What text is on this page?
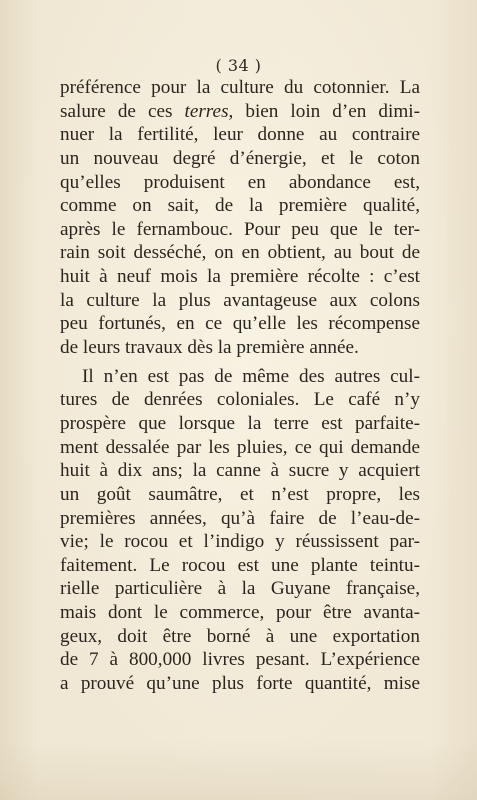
( 34 )
préférence pour la culture du cotonnier. La
salure de ces terres, bien loin d’en dimi-
nuer la fertilité, leur donne au contraire
un nouveau degré d’énergie, et le coton
qu’elles produisent en abondance est,
comme on sait, de la première qualité,
après le fernambouc. Pour peu que le ter-
rain soit desséché, on en obtient, au bout de
huit à neuf mois la première récolte : c’est
la culture la plus avantageuse aux colons
peu fortunés, en ce qu’elle les récompense
de leurs travaux dès la première année.
Il n’en est pas de même des autres cul-
tures de denrées coloniales. Le café n’y
prospère que lorsque la terre est parfaite-
ment dessalée par les pluies, ce qui demande
huit à dix ans; la canne à sucre y acquiert
un goût saumâtre, et n’est propre, les
premières années, qu’à faire de l’eau-de-
vie; le rocou et l’indigo y réussissent par-
faitement. Le rocou est une plante teintu-
rielle particulière à la Guyane française,
mais dont le commerce, pour être avanta-
geux, doit être borné à une exportation
de 7 à 800,000 livres pesant. L’expérience
a prouvé qu’une plus forte quantité, mise
